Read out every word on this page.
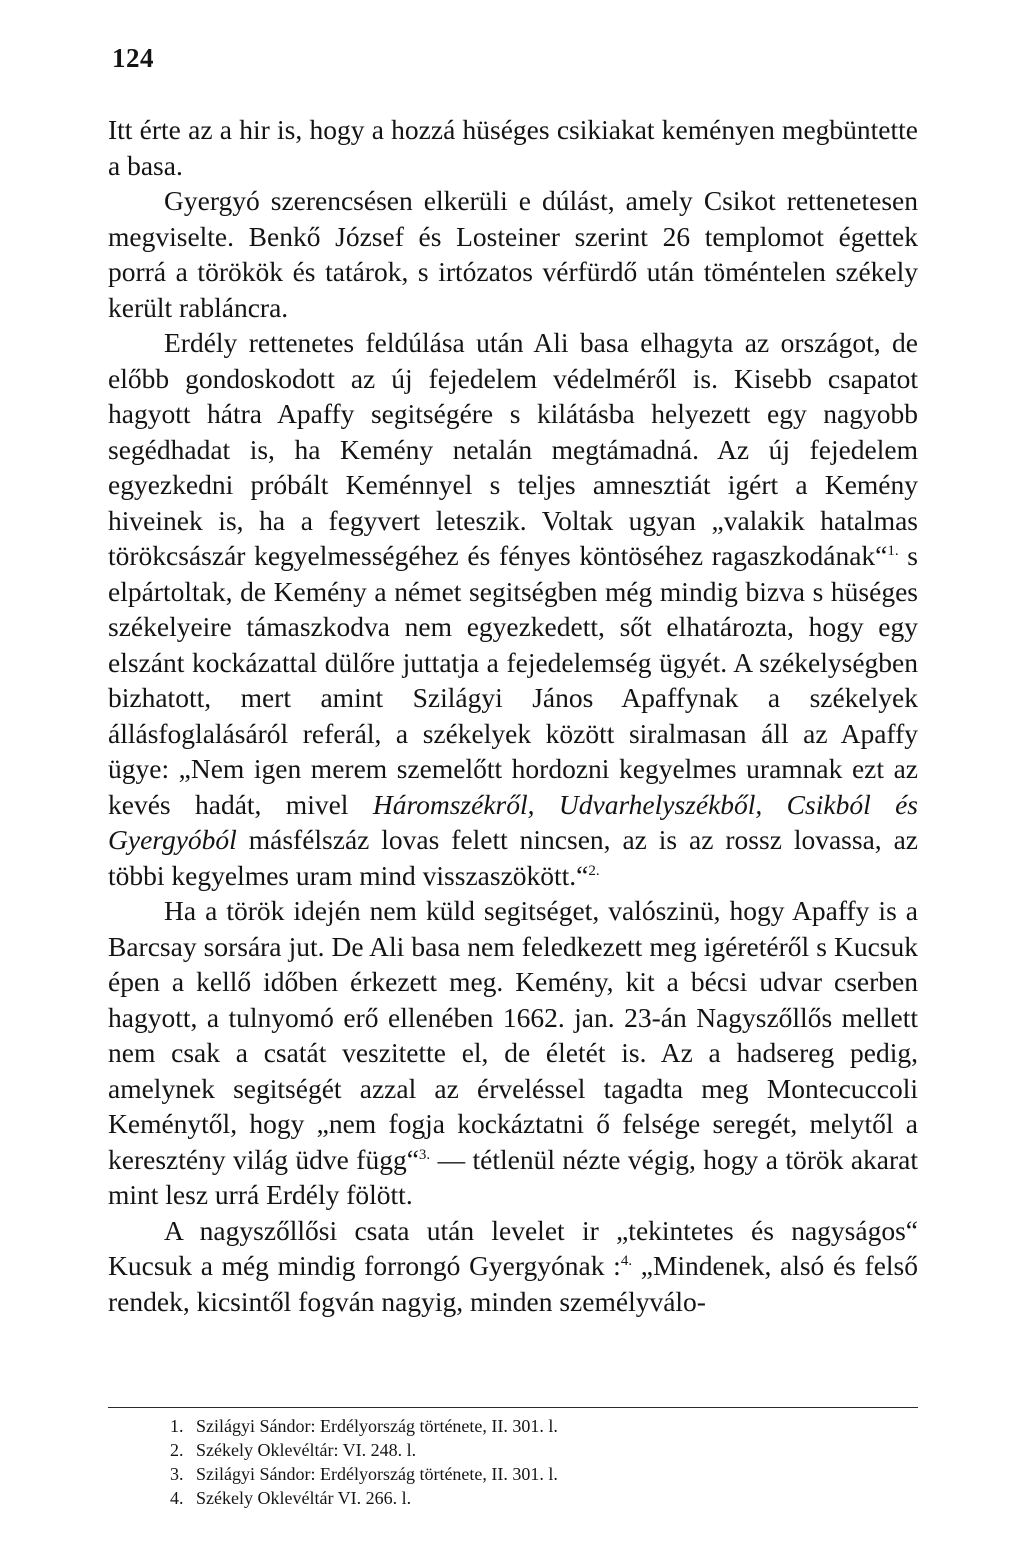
124

Itt érte az a hir is, hogy a hozzá hüséges csikiakat keményen megbüntette a basa.

Gyergyó szerencsésen elkerüli e dúlást, amely Csikot rettenetesen megviselte. Benkő József és Losteiner szerint 26 templomot égettek porrá a törökök és tatárok, s irtózatos vérfürdő után töméntelen székely került rabláncra.

Erdély rettenetes feldúlása után Ali basa elhagyta az országot, de előbb gondoskodott az új fejedelem védelméről is. Kisebb csapatot hagyott hátra Apaffy segitségére s kilátásba helyezett egy nagyobb segédhadat is, ha Kemény netalán megtámadná. Az új fejedelem egyezkedni próbált Keménnyel s teljes amnesztiát igért a Kemény hiveinek is, ha a fegyvert leteszik. Voltak ugyan „valakik hatalmas törökcsászár kegyelmességéhez és fényes köntöséhez ragaszkodának“$^{1.}$ s elpártoltak, de Kemény a német segitségben még mindig bizva s hüséges székelyeire támaszkodva nem egyezkedett, sőt elhatározta, hogy egy elszánt kockázattal dülőre juttatja a fejedelemség ügyét. A székelységben bizhatott, mert amint Szilágyi János Apaffynak a székelyek állásfoglalásáról referál, a székelyek között siralmasan áll az Apaffy ügye: „Nem igen merem szemelőtt hordozni kegyelmes uramnak ezt az kevés hadát, mivel Háromszékről, Udvarhelyszékből, Csikból és Gyergyóból másfélszáz lovas felett nincsen, az is az rossz lovassa, az többi kegyelmes uram mind visszaszökött.“$^{2.}$

Ha a török idején nem küld segitséget, valószinü, hogy Apaffy is a Barcsay sorsára jut. De Ali basa nem feledkezett meg igéretéről s Kucsuk épen a kellő időben érkezett meg. Kemény, kit a bécsi udvar cserben hagyott, a tulnyomó erő ellenében 1662. jan. 23-án Nagyszőllős mellett nem csak a csatát veszitette el, de életét is. Az a hadsereg pedig, amelynek segitségét azzal az érveléssel tagadta meg Montecuccoli Keménytől, hogy „nem fogja kockáztatni ő felsége seregét, melytől a keresztény világ üdve függ“$^{3.}$ — tétlenül nézte végig, hogy a török akarat mint lesz urrá Erdély fölött.

A nagyszőllősi csata után levelet ir „tekintetes és nagyságos“ Kucsuk a még mindig forrongó Gyergyónak :$^{4.}$ „Mindenek, alsó és felső rendek, kicsintől fogván nagyig, minden személyválo-

1. Szilágyi Sándor: Erdélyország története, II. 301. l.
2. Székely Oklevéltár: VI. 248. l.
3. Szilágyi Sándor: Erdélyország története, II. 301. l.
4. Székely Oklevéltár VI. 266. l.
